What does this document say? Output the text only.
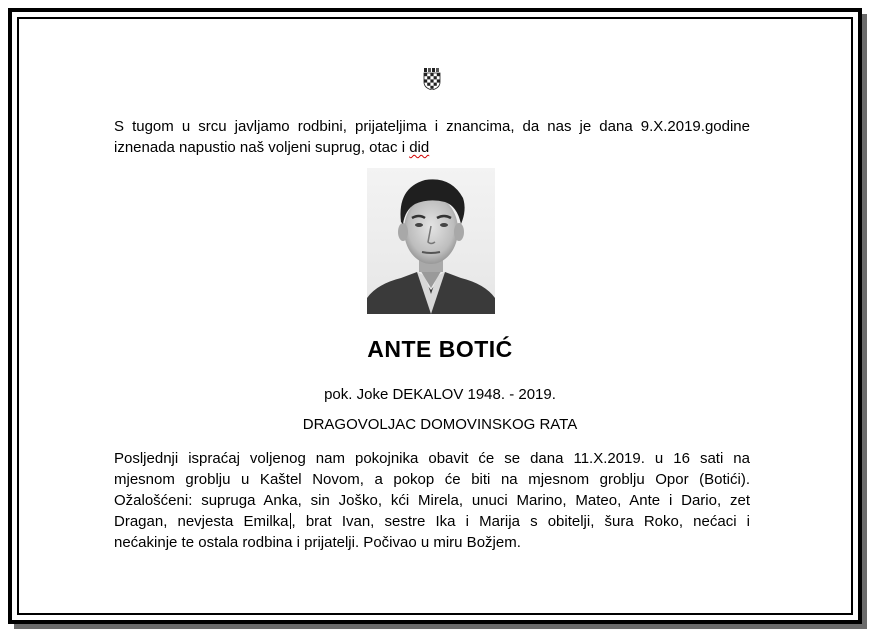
S tugom u srcu javljamo rodbini, prijateljima i znancima, da nas je dana 9.X.2019.godine
iznenada napustio naš voljeni suprug, otac i did
ANTE BOTIĆ
pok. Joke DEKALOV 1948. - 2019.
DRAGOVOLJAC DOMOVINSKOG RATA
Posljednji ispraćaj voljenog nam pokojnika obavit će se dana 11.X.2019. u 16 sati na
mjesnom groblju u Kaštel Novom, a pokop će biti na mjesnom groblju Opor (Botići).
Ožalošćeni: supruga Anka, sin Joško, kći Mirela, unuci Marino, Mateo, Ante i Dario, zet
Dragan, nevjesta Emilka , brat Ivan, sestre Ika i Marija s obitelji, šura Roko, nećaci i
nećakinje te ostala rodbina i prijatelji. Počivao u miru Božjem.
